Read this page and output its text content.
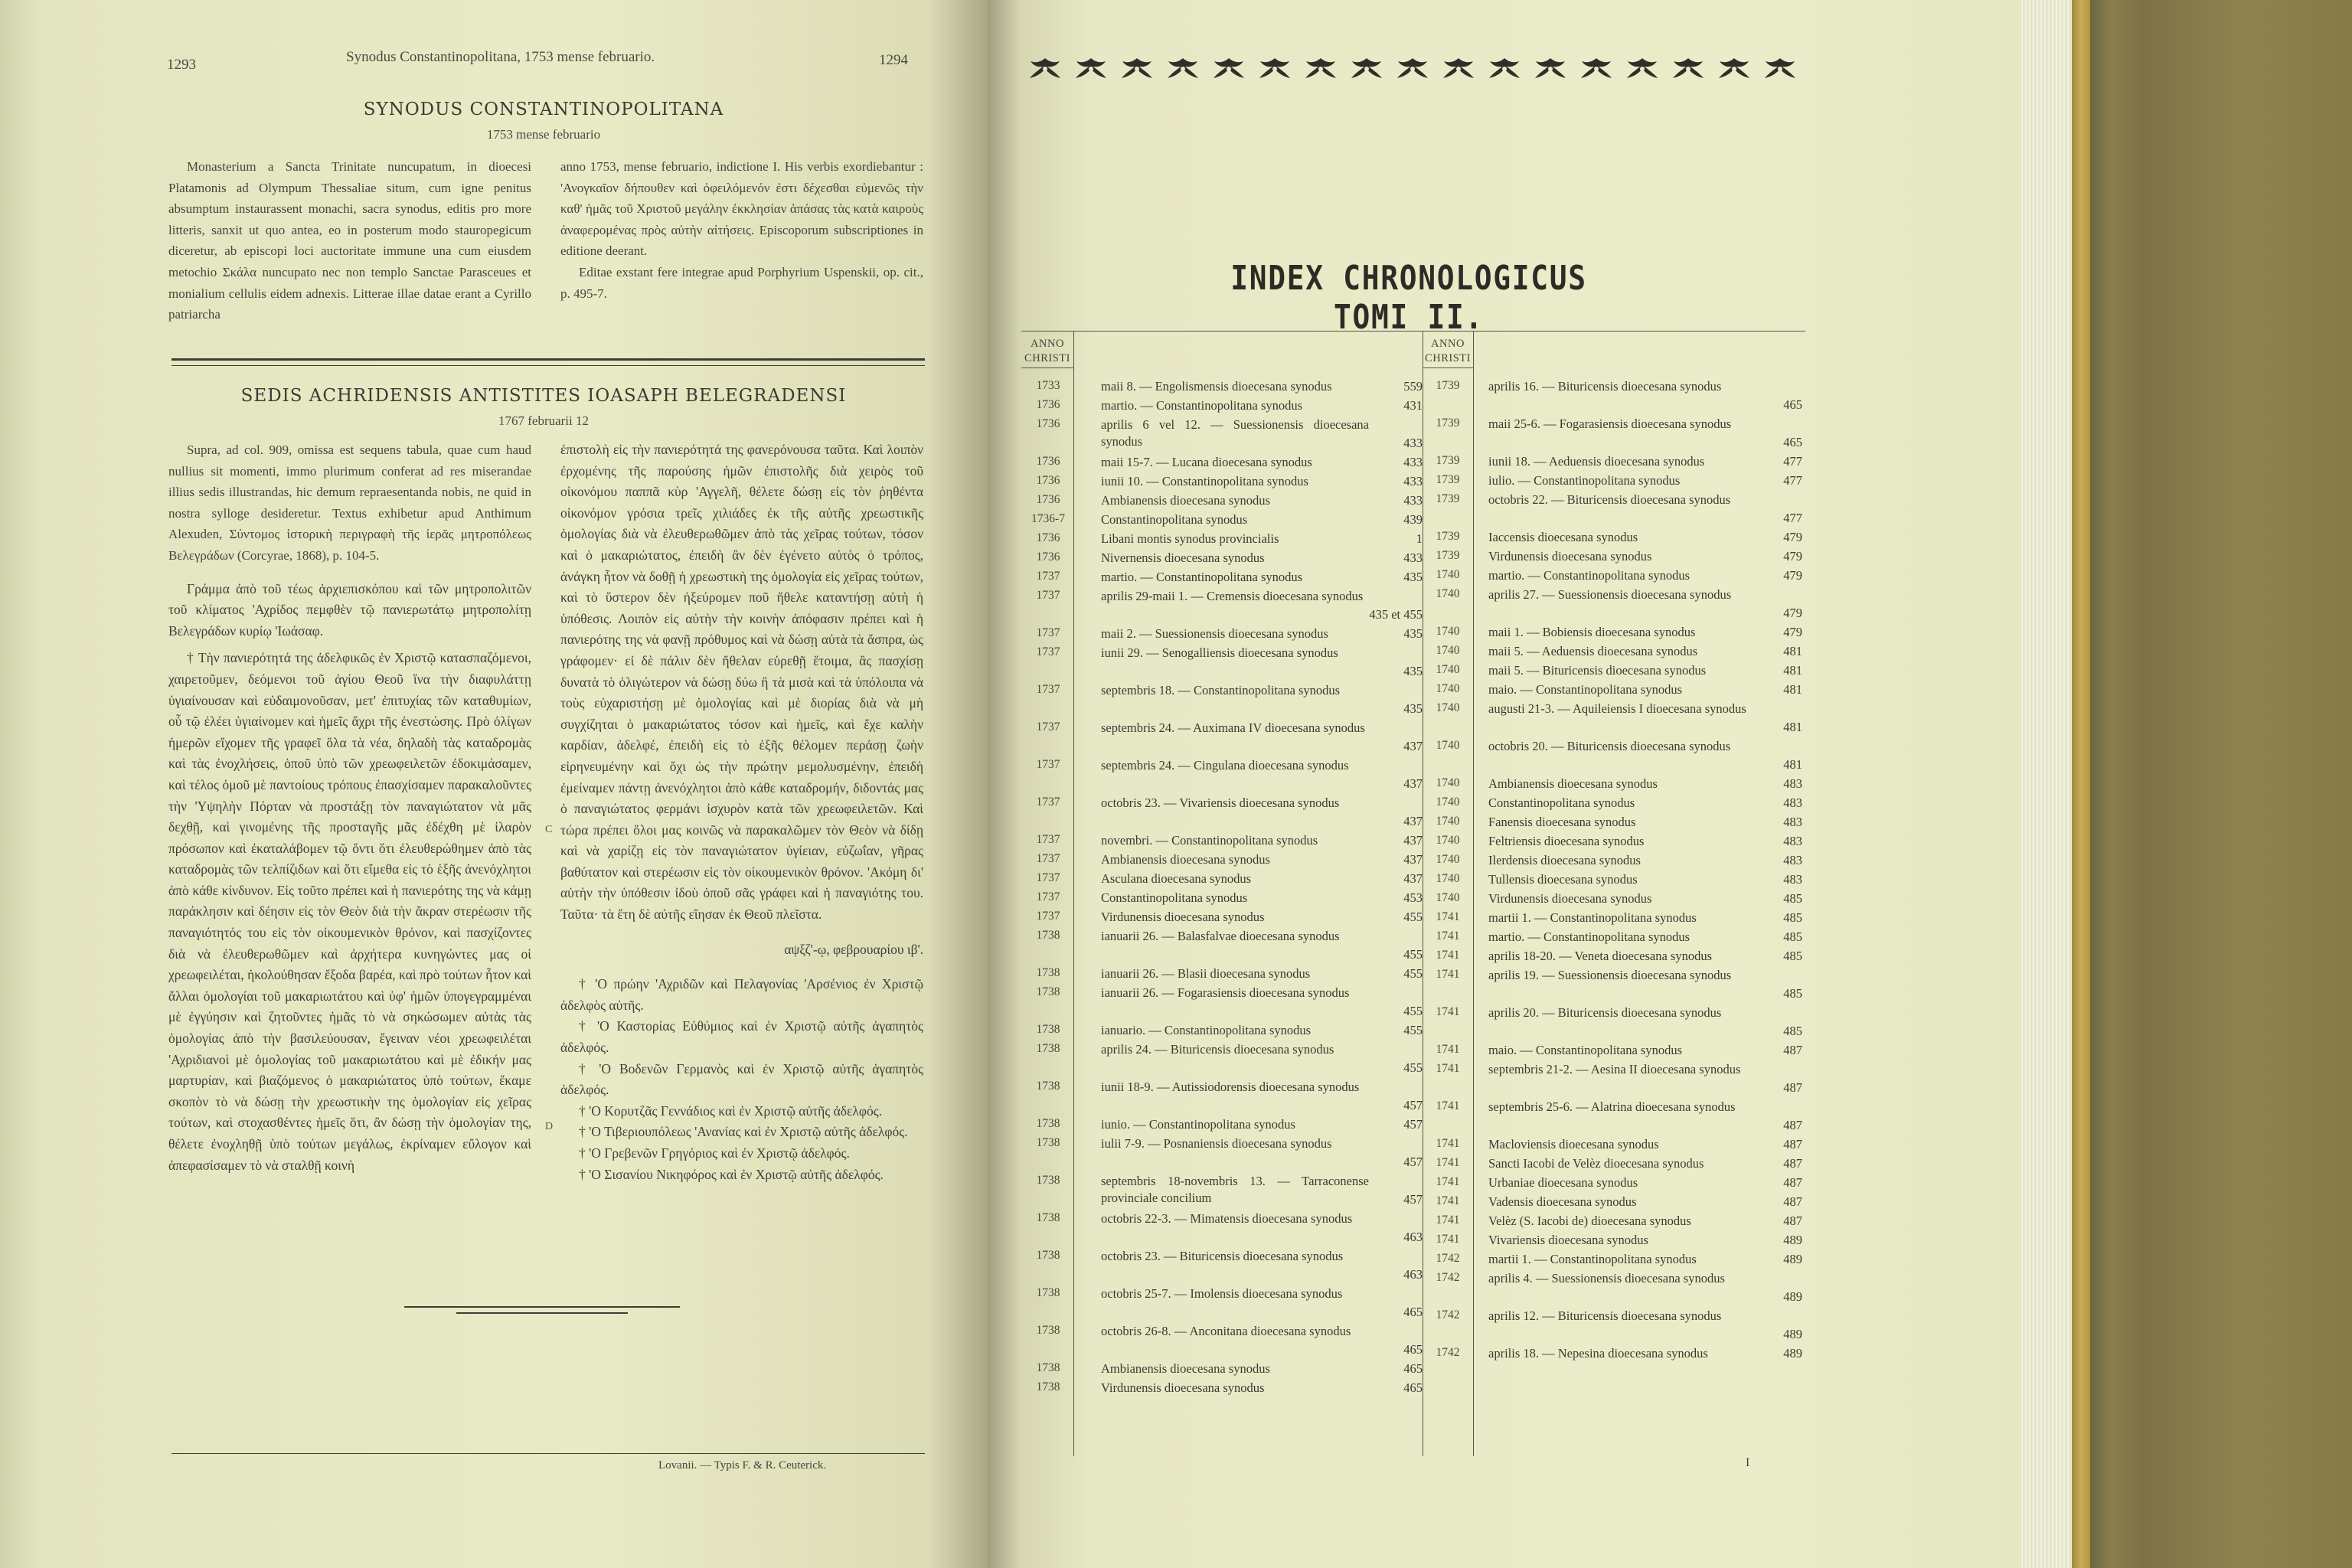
1293	Synodus Constantinopolitana, 1753 mense februario.	1294
SYNODUS CONSTANTINOPOLITANA
1753 mense februario

Monasterium a Sancta Trinitate nuncupatum, in dioecesi Platamonis ad Olympum Thessaliae situm, cum igne penitus absumptum instaurassent monachi, sacra synodus, editis pro more litteris, sanxit ut quo antea, eo in posterum modo stauropegicum diceretur, ab episcopi loci auctoritate immune una cum eiusdem metochio Σκάλα nuncupato nec non templo Sanctae Parasceues et monialium cellulis eidem adnexis. Litterae illae datae erant a Cyrillo patriarcha

anno 1753, mense februario, indictione I. His verbis exordiebantur : 'Ανογκαῖον δήπουθεν καὶ ὀφειλόμενόν ἐστι δέχεσθαι εὐμενῶς τὴν καθ' ἡμᾶς τοῦ Χριστοῦ μεγάλην ἐκκλησίαν ἁπάσας τὰς κατὰ καιροὺς ἀναφερομένας πρὸς αὐτὴν αἰτήσεις. Episcoporum subscriptiones in editione deerant.

Editae exstant fere integrae apud Porphyrium Uspenskii, op. cit., p. 495-7.

SEDIS ACHRIDENSIS ANTISTITES IOASAPH BELEGRADENSI
1767 februarii 12

Supra, ad col. 909, omissa est sequens tabula, quae cum haud nullius sit momenti, immo plurimum conferat ad res miserandae illius sedis illustrandas, hic demum repraesentanda nobis, ne quid in nostra sylloge desideretur. Textus exhibetur apud Anthimum Alexuden, Σύντομος ἱστορικὴ περιγραφὴ τῆς ἱερᾶς μητροπόλεως Βελεγράδων (Corcyrae, 1868), p. 104-5.

Γράμμα ἀπὸ τοῦ τέως ἀρχιεπισκόπου καὶ τῶν μητροπολιτῶν τοῦ κλίματος 'Αχρίδος πεμφθὲν τῷ πανιερωτάτῳ μητροπολίτῃ Βελεγράδων κυρίῳ 'Ιωάσαφ.

† Τὴν πανιερότητά της ἀδελφικῶς ἐν Χριστῷ κατασπαζόμενοι, χαιρετοῦμεν, δεόμενοι τοῦ ἁγίου Θεοῦ ἵνα τὴν διαφυλάττῃ ὑγιαίνουσαν καὶ εὐδαιμονοῦσαν, μετ' ἐπιτυχίας τῶν καταθυμίων, οὗ τῷ ἐλέει ὑγιαίνομεν καὶ ἡμεῖς ἄχρι τῆς ἐνεστώσης. Πρὸ ὀλίγων ἡμερῶν εἴχομεν τῆς γραφεῖ ὅλα τὰ νέα, δηλαδὴ τὰς καταδρομὰς καὶ τὰς ἐνοχλήσεις, ὁποῦ ὑπὸ τῶν χρεωφειλετῶν ἐδοκιμάσαμεν, καὶ τέλος ὁμοῦ μὲ παντοίους τρόπους ἐπασχίσαμεν παρακαλοῦντες τὴν 'Υψηλὴν Πόρταν νὰ προστάξῃ τὸν παναγιώτατον νὰ μᾶς δεχθῇ, καὶ γινομένης τῆς προσταγῆς μᾶς ἐδέχθη μὲ ἱλαρὸν πρόσωπον καὶ ἐκαταλάβομεν τῷ ὄντι ὅτι ἐλευθερώθημεν ἀπὸ τὰς καταδρομὰς τῶν τελπίζιδων καὶ ὅτι εἴμεθα εἰς τὸ ἑξῆς ἀνενόχλητοι ἀπὸ κάθε κίνδυνον. Εἰς τοῦτο πρέπει καὶ ἡ πανιερότης της νὰ κάμῃ παράκλησιν καὶ δέησιν εἰς τὸν Θεὸν διὰ τὴν ἄκραν στερέωσιν τῆς παναγιότητός του εἰς τὸν οἰκουμενικὸν θρόνον, καὶ πασχίζοντες διὰ νὰ ἐλευθερωθῶμεν καὶ ἀρχήτερα κυνηγώντες μας οἱ χρεωφειλέται, ἠκολούθησαν ἔξοδα βαρέα, καὶ πρὸ τούτων ἦτον καὶ ἄλλαι ὁμολογίαι τοῦ μακαριωτάτου καὶ ὑφ' ἡμῶν ὑπογεγραμμέναι μὲ ἐγγύησιν καὶ ζητοῦντες ἡμᾶς τὸ νὰ σηκώσωμεν αὐτὰς τὰς ὁμολογίας ἀπὸ τὴν βασιλεύουσαν, ἔγειναν νέοι χρεωφειλέται 'Αχριδιανοὶ μὲ ὁμολογίας τοῦ μακαριωτάτου καὶ μὲ ἐδικήν μας μαρτυρίαν, καὶ βιαζόμενος ὁ μακαριώτατος ὑπὸ τούτων, ἔκαμε σκοπὸν τὸ νὰ δώσῃ τὴν χρεωστικὴν της ὁμολογίαν εἰς χεῖρας τούτων, καὶ στοχασθέντες ἡμεῖς ὅτι, ἂν δώσῃ τὴν ὁμολογίαν της, θέλετε ἐνοχληθῇ ὑπὸ τούτων μεγάλως, ἐκρίναμεν εὔλογον καὶ ἀπεφασίσαμεν τὸ νὰ σταλθῇ κοινὴ

ἐπιστολὴ εἰς τὴν πανιερότητά της φανερόνουσα ταῦτα. Καὶ λοιπὸν ἐρχομένης τῆς παρούσης ἡμῶν ἐπιστολῆς διὰ χειρὸς τοῦ οἰκονόμου παππᾶ κὺρ 'Αγγελῆ, θέλετε δώσῃ εἰς τὸν ῥηθέντα οἰκονόμον γρόσια τρεῖς χιλιάδες ἐκ τῆς αὐτῆς χρεωστικῆς ὁμολογίας διὰ νὰ ἐλευθερωθῶμεν ἀπὸ τὰς χεῖρας τούτων, τόσον καὶ ὁ μακαριώτατος, ἐπειδὴ ἂν δὲν ἐγένετο αὐτὸς ὁ τρόπος, ἀνάγκη ἦτον νὰ δοθῇ ἡ χρεωστικὴ της ὁμολογία εἰς χεῖρας τούτων, καὶ τὸ ὕστερον δὲν ἠξεύρομεν ποῦ ἤθελε καταντήσῃ αὐτὴ ἡ ὑπόθεσις. Λοιπὸν εἰς αὐτὴν τὴν κοινὴν ἀπόφασιν πρέπει καὶ ἡ πανιερότης της νὰ φανῇ πρόθυμος καὶ νὰ δώσῃ αὐτὰ τὰ ἄσπρα, ὡς γράφομεν· εἰ δὲ πάλιν δὲν ἤθελαν εὑρεθῇ ἕτοιμα, ἂς πασχίσῃ δυνατὰ τὸ ὀλιγώτερον νὰ δώσῃ δύω ἢ τὰ μισὰ καὶ τὰ ὑπόλοιπα νὰ τοὺς εὐχαριστήσῃ μὲ ὁμολογίας καὶ μὲ διορίας διὰ νὰ μὴ συγχίζηται ὁ μακαριώτατος τόσον καὶ ἡμεῖς, καὶ ἔχε καλὴν καρδίαν, ἀδελφέ, ἐπειδὴ εἰς τὸ ἑξῆς θέλομεν περάσῃ ζωὴν εἰρηνευμένην καὶ ὄχι ὡς τὴν πρώτην μεμολυσμένην, ἐπειδὴ ἐμείναμεν πάντῃ ἀνενόχλητοι ἀπὸ κάθε καταδρομήν, διδοντάς μας ὁ παναγιώτατος φερμάνι ἰσχυρὸν κατὰ τῶν χρεωφειλετῶν. Καὶ τώρα πρέπει ὅλοι μας κοινῶς νὰ παρακαλῶμεν τὸν Θεὸν νὰ δίδῃ καὶ νὰ χαρίζῃ εἰς τὸν παναγιώτατον ὑγίειαν, εὐζωΐαν, γῆρας βαθύτατον καὶ στερέωσιν εἰς τὸν οἰκουμενικὸν θρόνον. 'Ακόμη δι' αὐτὴν τὴν ὑπόθεσιν ἰδοὺ ὁποῦ σᾶς γράφει καὶ ἡ παναγιότης του. Ταῦτα· τὰ ἔτη δὲ αὐτῆς εἴησαν ἐκ Θεοῦ πλεῖστα.

αψξζ'-ῳ, φεβρουαρίου ιβ'.

† 'Ο πρώην 'Αχριδῶν καὶ Πελαγονίας 'Αρσένιος ἐν Χριστῷ ἀδελφὸς αὐτῆς.

† 'Ο Καστορίας Εὐθύμιος καὶ ἐν Χριστῷ αὐτῆς ἀγαπητὸς ἀδελφός.

† 'Ο Βοδενῶν Γερμανὸς καὶ ἐν Χριστῷ αὐτῆς ἀγαπητὸς ἀδελφός.

† 'Ο Κορυτζᾶς Γεννάδιος καὶ ἐν Χριστῷ αὐτῆς ἀδελφός.

† 'Ο Τιβεριουπόλεως 'Ανανίας καὶ ἐν Χριστῷ αὐτῆς ἀδελφός.

† 'Ο Γρεβενῶν Γρηγόριος καὶ ἐν Χριστῷ ἀδελφός.

† 'Ο Σισανίου Νικηφόρος καὶ ἐν Χριστῷ αὐτῆς ἀδελφός.

C
D
Lovanii. — Typis F. & R. Ceuterick.
INDEX CHRONOLOGICUS TOMI II.
ANNO CHRISTI
ANNO CHRISTI
1733	maii 8. — Engolismensis dioecesana synodus	559
1736	martio. — Constantinopolitana synodus	431
1736	aprilis 6 vel 12. — Suessionensis dioecesana synodus	433
1736	maii 15-7. — Lucana dioecesana synodus	433
1736	iunii 10. — Constantinopolitana synodus	433
1736	Ambianensis dioecesana synodus	433
1736-7	Constantinopolitana synodus	439
1736	Libani montis synodus provincialis	1
1736	Nivernensis dioecesana synodus	433
1737	martio. — Constantinopolitana synodus	435
1737	aprilis 29-maii 1. — Cremensis dioecesana synodus
435 et 455
1737	maii 2. — Suessionensis dioecesana synodus	435
1737	iunii 29. — Senogalliensis dioecesana synodus
435
1737	septembris 18. — Constantinopolitana synodus
435
1737	septembris 24. — Auximana IV dioecesana synodus
437
1737	septembris 24. — Cingulana dioecesana synodus
437
1737	octobris 23. — Vivariensis dioecesana synodus
437
1737	novembri. — Constantinopolitana synodus	437
1737	Ambianensis dioecesana synodus	437
1737	Asculana dioecesana synodus	437
1737	Constantinopolitana synodus	453
1737	Virdunensis dioecesana synodus	455
1738	ianuarii 26. — Balasfalvae dioecesana synodus
455
1738	ianuarii 26. — Blasii dioecesana synodus	455
1738	ianuarii 26. — Fogarasiensis dioecesana synodus
455
1738	ianuario. — Constantinopolitana synodus	455
1738	aprilis 24. — Bituricensis dioecesana synodus
455
1738	iunii 18-9. — Autissiodorensis dioecesana synodus
457
1738	iunio. — Constantinopolitana synodus	457
1738	iulii 7-9. — Posnaniensis dioecesana synodus
457
1738	septembris 18-novembris 13. — Tarraconense provinciale concilium	457
1738	octobris 22-3. — Mimatensis dioecesana synodus
463
1738	octobris 23. — Bituricensis dioecesana synodus
463
1738	octobris 25-7. — Imolensis dioecesana synodus
465
1738	octobris 26-8. — Anconitana dioecesana synodus
465
1738	Ambianensis dioecesana synodus	465
1738	Virdunensis dioecesana synodus	465
1739	aprilis 16. — Bituricensis dioecesana synodus
465
1739	maii 25-6. — Fogarasiensis dioecesana synodus
465
1739	iunii 18. — Aeduensis dioecesana synodus	477
1739	iulio. — Constantinopolitana synodus	477
1739	octobris 22. — Bituricensis dioecesana synodus
477
1739	Iaccensis dioecesana synodus	479
1739	Virdunensis dioecesana synodus	479
1740	martio. — Constantinopolitana synodus	479
1740	aprilis 27. — Suessionensis dioecesana synodus
479
1740	maii 1. — Bobiensis dioecesana synodus	479
1740	maii 5. — Aeduensis dioecesana synodus	481
1740	maii 5. — Bituricensis dioecesana synodus	481
1740	maio. — Constantinopolitana synodus	481
1740	augusti 21-3. — Aquileiensis I dioecesana synodus
481
1740	octobris 20. — Bituricensis dioecesana synodus
481
1740	Ambianensis dioecesana synodus	483
1740	Constantinopolitana synodus	483
1740	Fanensis dioecesana synodus	483
1740	Feltriensis dioecesana synodus	483
1740	Ilerdensis dioecesana synodus	483
1740	Tullensis dioecesana synodus	483
1740	Virdunensis dioecesana synodus	485
1741	martii 1. — Constantinopolitana synodus	485
1741	martio. — Constantinopolitana synodus	485
1741	aprilis 18-20. — Veneta dioecesana synodus	485
1741	aprilis 19. — Suessionensis dioecesana synodus
485
1741	aprilis 20. — Bituricensis dioecesana synodus
485
1741	maio. — Constantinopolitana synodus	487
1741	septembris 21-2. — Aesina II dioecesana synodus
487
1741	septembris 25-6. — Alatrina dioecesana synodus
487
1741	Macloviensis dioecesana synodus	487
1741	Sancti Iacobi de Velèz dioecesana synodus	487
1741	Urbaniae dioecesana synodus	487
1741	Vadensis dioecesana synodus	487
1741	Velèz (S. Iacobi de) dioecesana synodus	487
1741	Vivariensis dioecesana synodus	489
1742	martii 1. — Constantinopolitana synodus	489
1742	aprilis 4. — Suessionensis dioecesana synodus
489
1742	aprilis 12. — Bituricensis dioecesana synodus
489
1742	aprilis 18. — Nepesina dioecesana synodus	489
I
